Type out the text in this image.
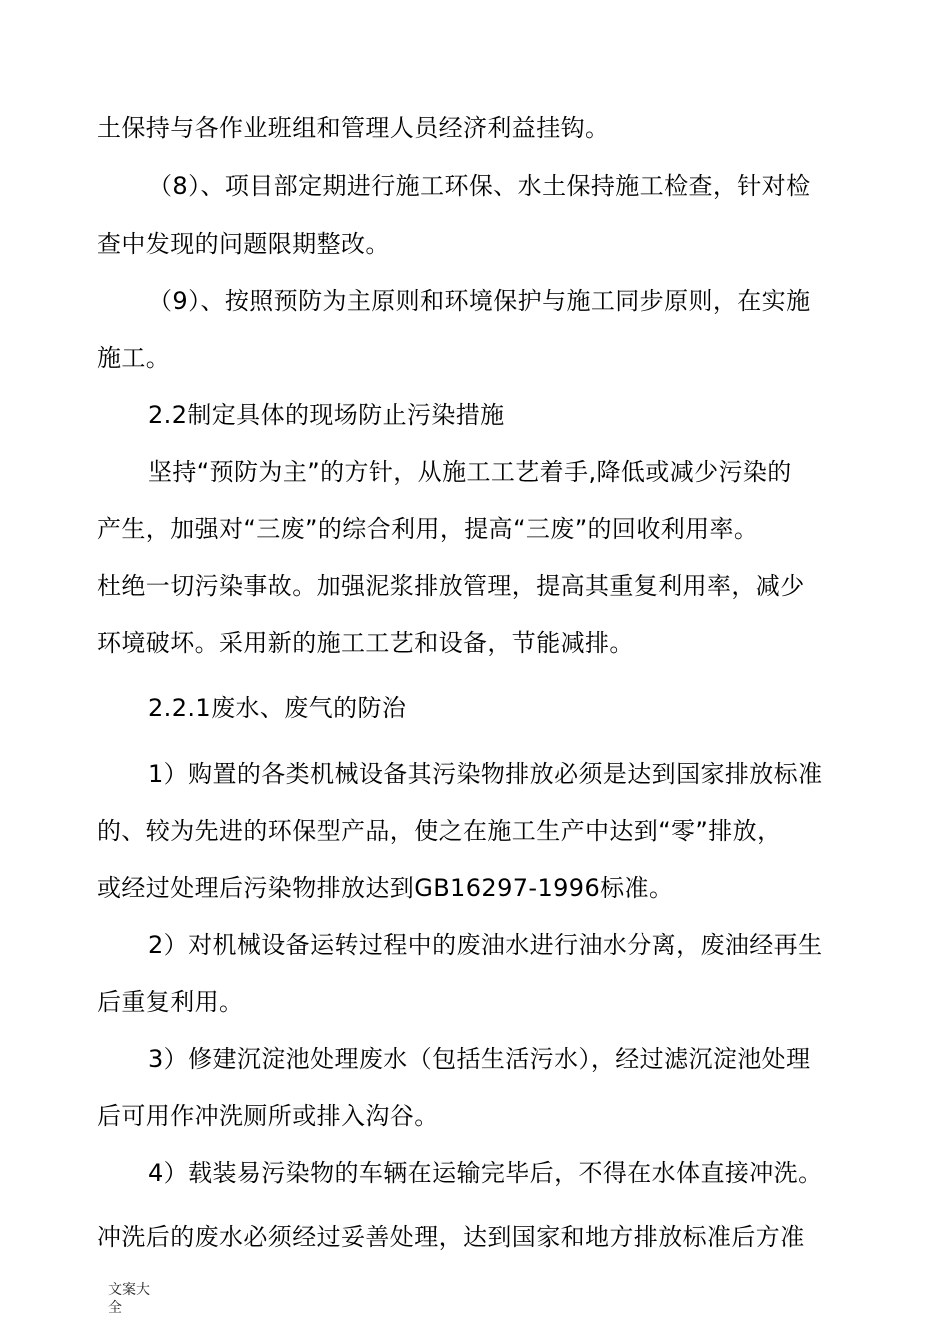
土保持与各作业班组和管理人员经济利益挂钩。
（8）、项目部定期进行施工环保、水土保持施工检查，针对检
查中发现的问题限期整改。
（9）、按照预防为主原则和环境保护与施工同步原则，在实施
施工。
2.2制定具体的现场防止污染措施
坚持“预防为主”的方针，从施工工艺着手,降低或减少污染的
产生，加强对“三废”的综合利用，提高“三废”的回收利用率。
杜绝一切污染事故。加强泥浆排放管理，提高其重复利用率，减少
环境破坏。采用新的施工工艺和设备，节能减排。
2.2.1废水、废气的防治
1）购置的各类机械设备其污染物排放必须是达到国家排放标准
的、较为先进的环保型产品，使之在施工生产中达到“零”排放，
或经过处理后污染物排放达到GB16297-1996标准。
2）对机械设备运转过程中的废油水进行油水分离，废油经再生
后重复利用。
3）修建沉淀池处理废水（包括生活污水），经过滤沉淀池处理
后可用作冲洗厕所或排入沟谷。
4）载装易污染物的车辆在运输完毕后，不得在水体直接冲洗。
冲洗后的废水必须经过妥善处理，达到国家和地方排放标准后方准
文案大全
